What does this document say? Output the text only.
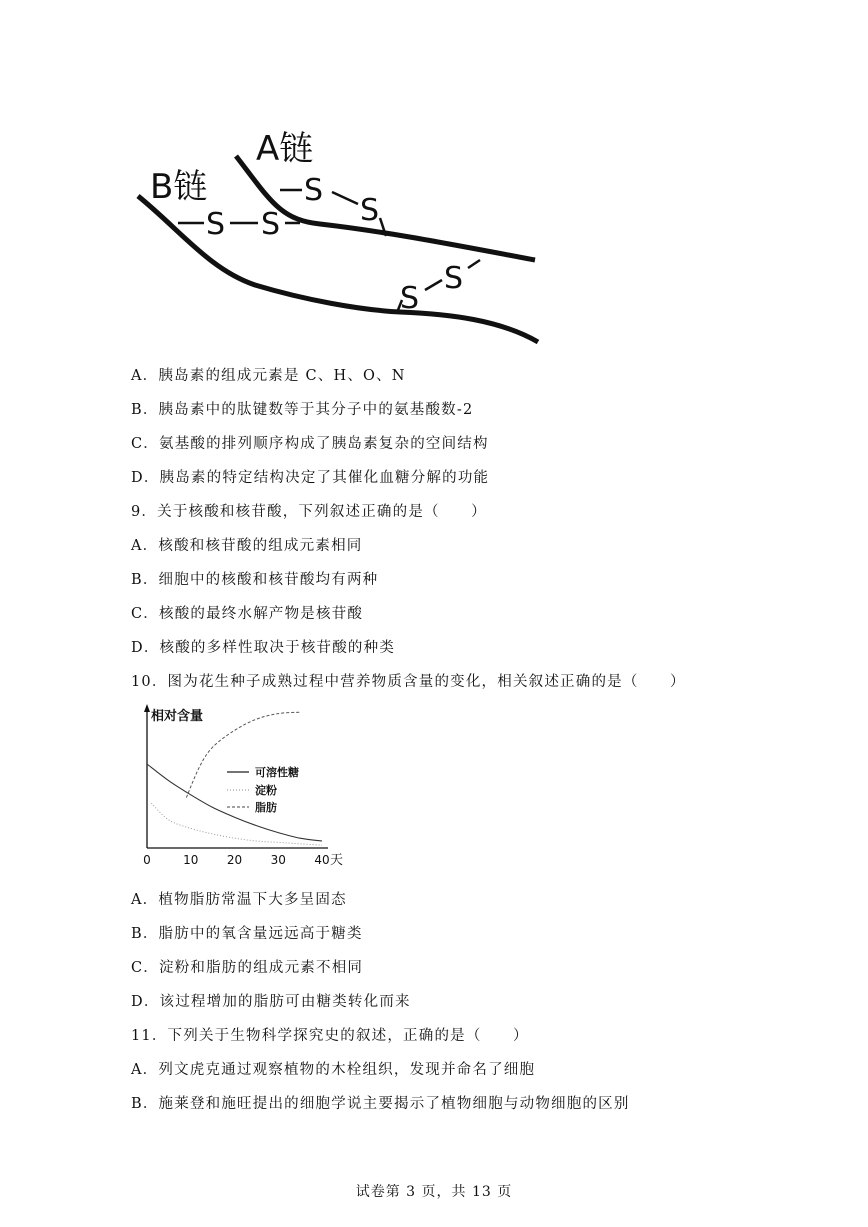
A链
B链	S
S
S S
S
S
A．胰岛素的组成元素是 C、H、O、N
B．胰岛素中的肽键数等于其分子中的氨基酸数-2
C．氨基酸的排列顺序构成了胰岛素复杂的空间结构
D．胰岛素的特定结构决定了其催化血糖分解的功能
9．关于核酸和核苷酸，下列叙述正确的是（　　）
A．核酸和核苷酸的组成元素相同
B．细胞中的核酸和核苷酸均有两种
C．核酸的最终水解产物是核苷酸
D．核酸的多样性取决于核苷酸的种类
10．图为花生种子成熟过程中营养物质含量的变化，相关叙述正确的是（　　）
0	10 20 30 40
相对含量
天
可溶性糖
淀粉
脂肪
A．植物脂肪常温下大多呈固态
B．脂肪中的氧含量远远高于糖类
C．淀粉和脂肪的组成元素不相同
D．该过程增加的脂肪可由糖类转化而来
11．下列关于生物科学探究史的叙述，正确的是（　　）
A．列文虎克通过观察植物的木栓组织，发现并命名了细胞
B．施莱登和施旺提出的细胞学说主要揭示了植物细胞与动物细胞的区别
试卷第 3 页，共 13 页
